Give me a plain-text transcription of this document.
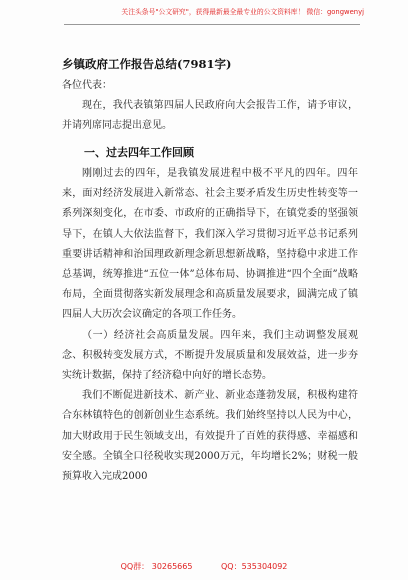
关注头条号"公文研究"，获得最新最全最专业的公文资料库！ 微信：gongwenyj
乡镇政府工作报告总结(7981字)
各位代表：

现在，我代表镇第四届人民政府向大会报告工作，请予审议，并请列席同志提出意见。

一、过去四年工作回顾

刚刚过去的四年，是我镇发展进程中极不平凡的四年。四年来，面对经济发展进入新常态、社会主要矛盾发生历史性转变等一系列深刻变化，在市委、市政府的正确指导下，在镇党委的坚强领导下，在镇人大依法监督下，我们深入学习贯彻习近平总书记系列重要讲话精神和治国理政新理念新思想新战略，坚持稳中求进工作总基调，统筹推进“五位一体”总体布局、协调推进“四个全面”战略布局，全面贯彻落实新发展理念和高质量发展要求，圆满完成了镇四届人大历次会议确定的各项工作任务。

（一）经济社会高质量发展。四年来，我们主动调整发展观念、积极转变发展方式，不断提升发展质量和发展效益，进一步夯实统计数据，保持了经济稳中向好的增长态势。

我们不断促进新技术、新产业、新业态蓬勃发展，积极构建符合东林镇特色的创新创业生态系统。我们始终坚持以人民为中心，加大财政用于民生领域支出，有效提升了百姓的获得感、幸福感和安全感。全镇全口径税收实现2000万元，年均增长2%；财税一般预算收入完成2000

QQ群： 30265665	QQ：535304092
